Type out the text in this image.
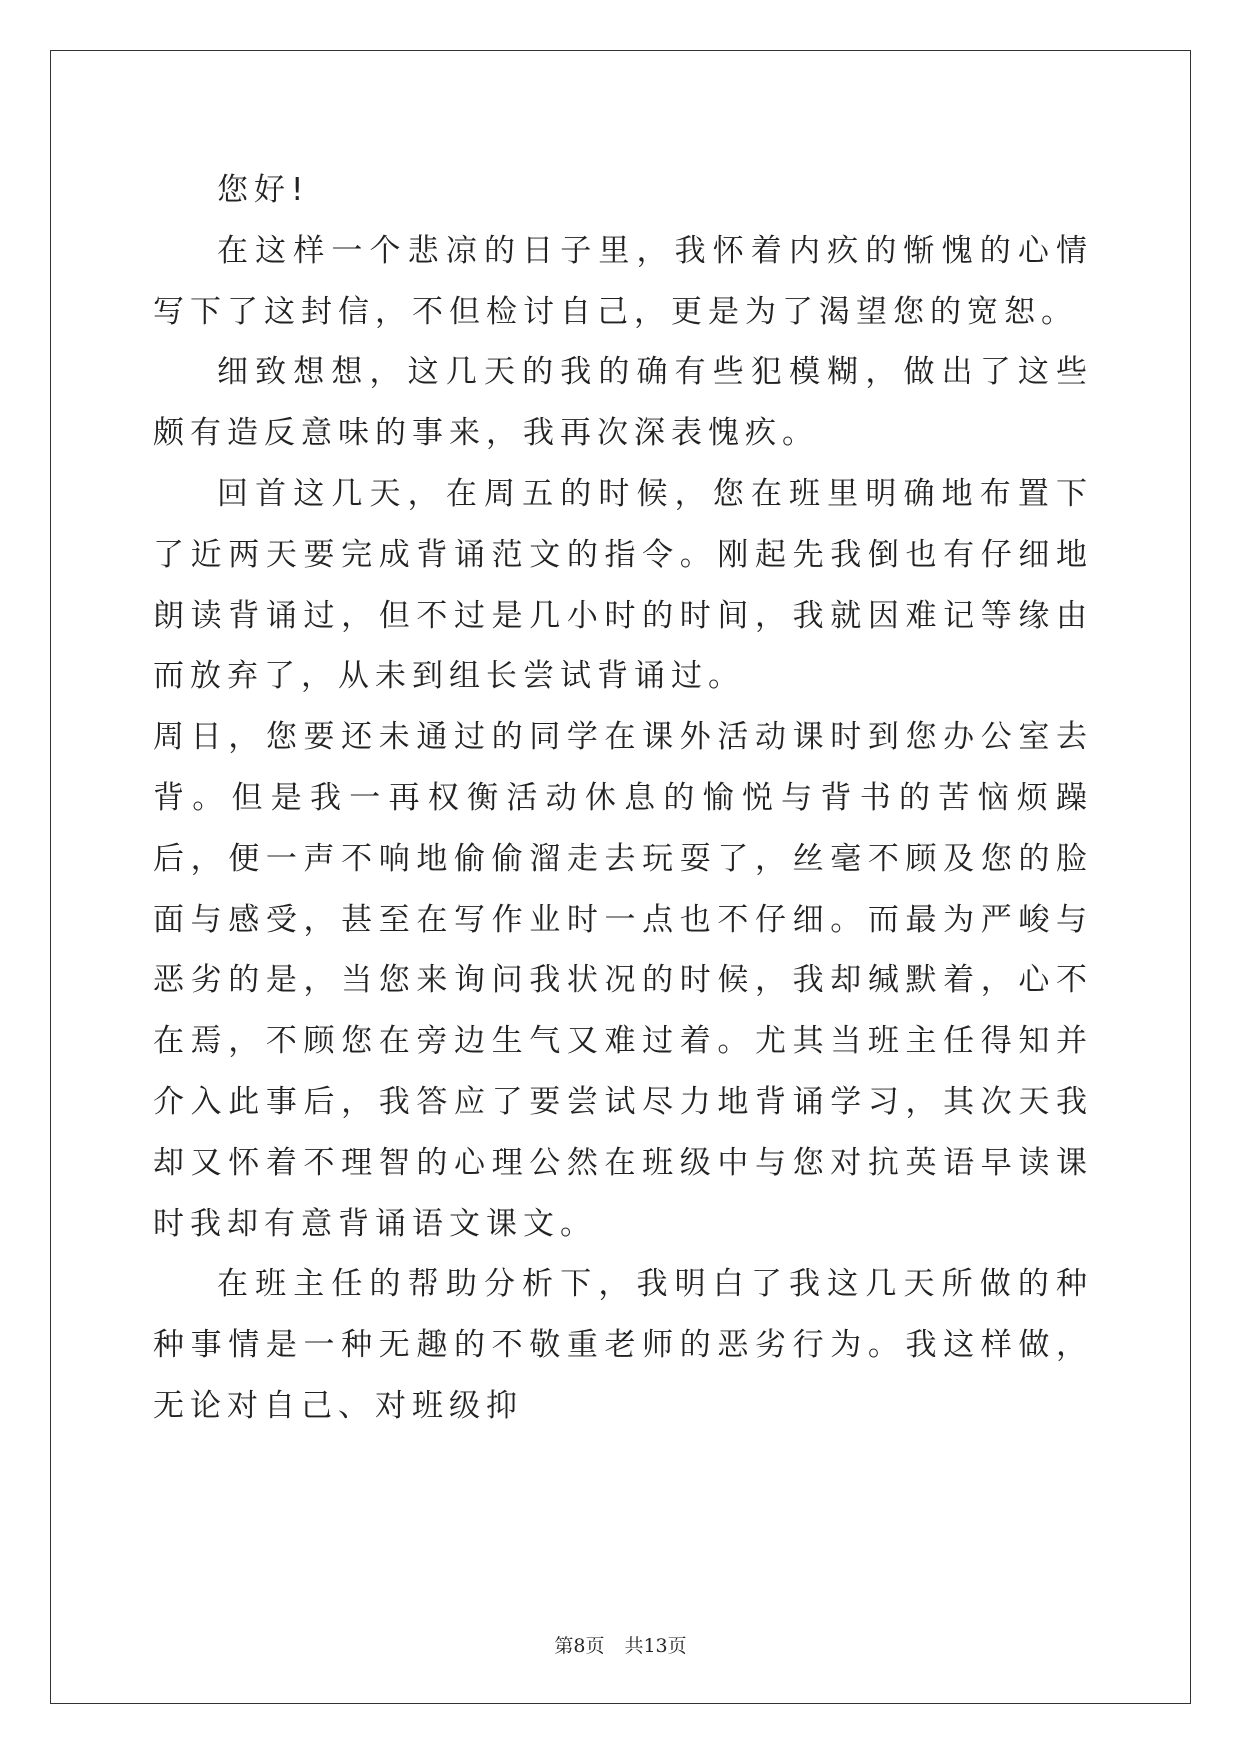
您好!

在这样一个悲凉的日子里，我怀着内疚的惭愧的心情写下了这封信，不但检讨自己，更是为了渴望您的宽恕。

细致想想，这几天的我的确有些犯模糊，做出了这些颇有造反意味的事来，我再次深表愧疚。

回首这几天，在周五的时候，您在班里明确地布置下了近两天要完成背诵范文的指令。刚起先我倒也有仔细地朗读背诵过，但不过是几小时的时间，我就因难记等缘由而放弃了，从未到组长尝试背诵过。

周日，您要还未通过的同学在课外活动课时到您办公室去背。但是我一再权衡活动休息的愉悦与背书的苦恼烦躁后，便一声不响地偷偷溜走去玩耍了，丝毫不顾及您的脸面与感受，甚至在写作业时一点也不仔细。而最为严峻与恶劣的是，当您来询问我状况的时候，我却缄默着，心不在焉，不顾您在旁边生气又难过着。尤其当班主任得知并介入此事后，我答应了要尝试尽力地背诵学习，其次天我却又怀着不理智的心理公然在班级中与您对抗英语早读课时我却有意背诵语文课文。

在班主任的帮助分析下，我明白了我这几天所做的种种事情是一种无趣的不敬重老师的恶劣行为。我这样做，无论对自己、对班级抑

第8页 共13页
